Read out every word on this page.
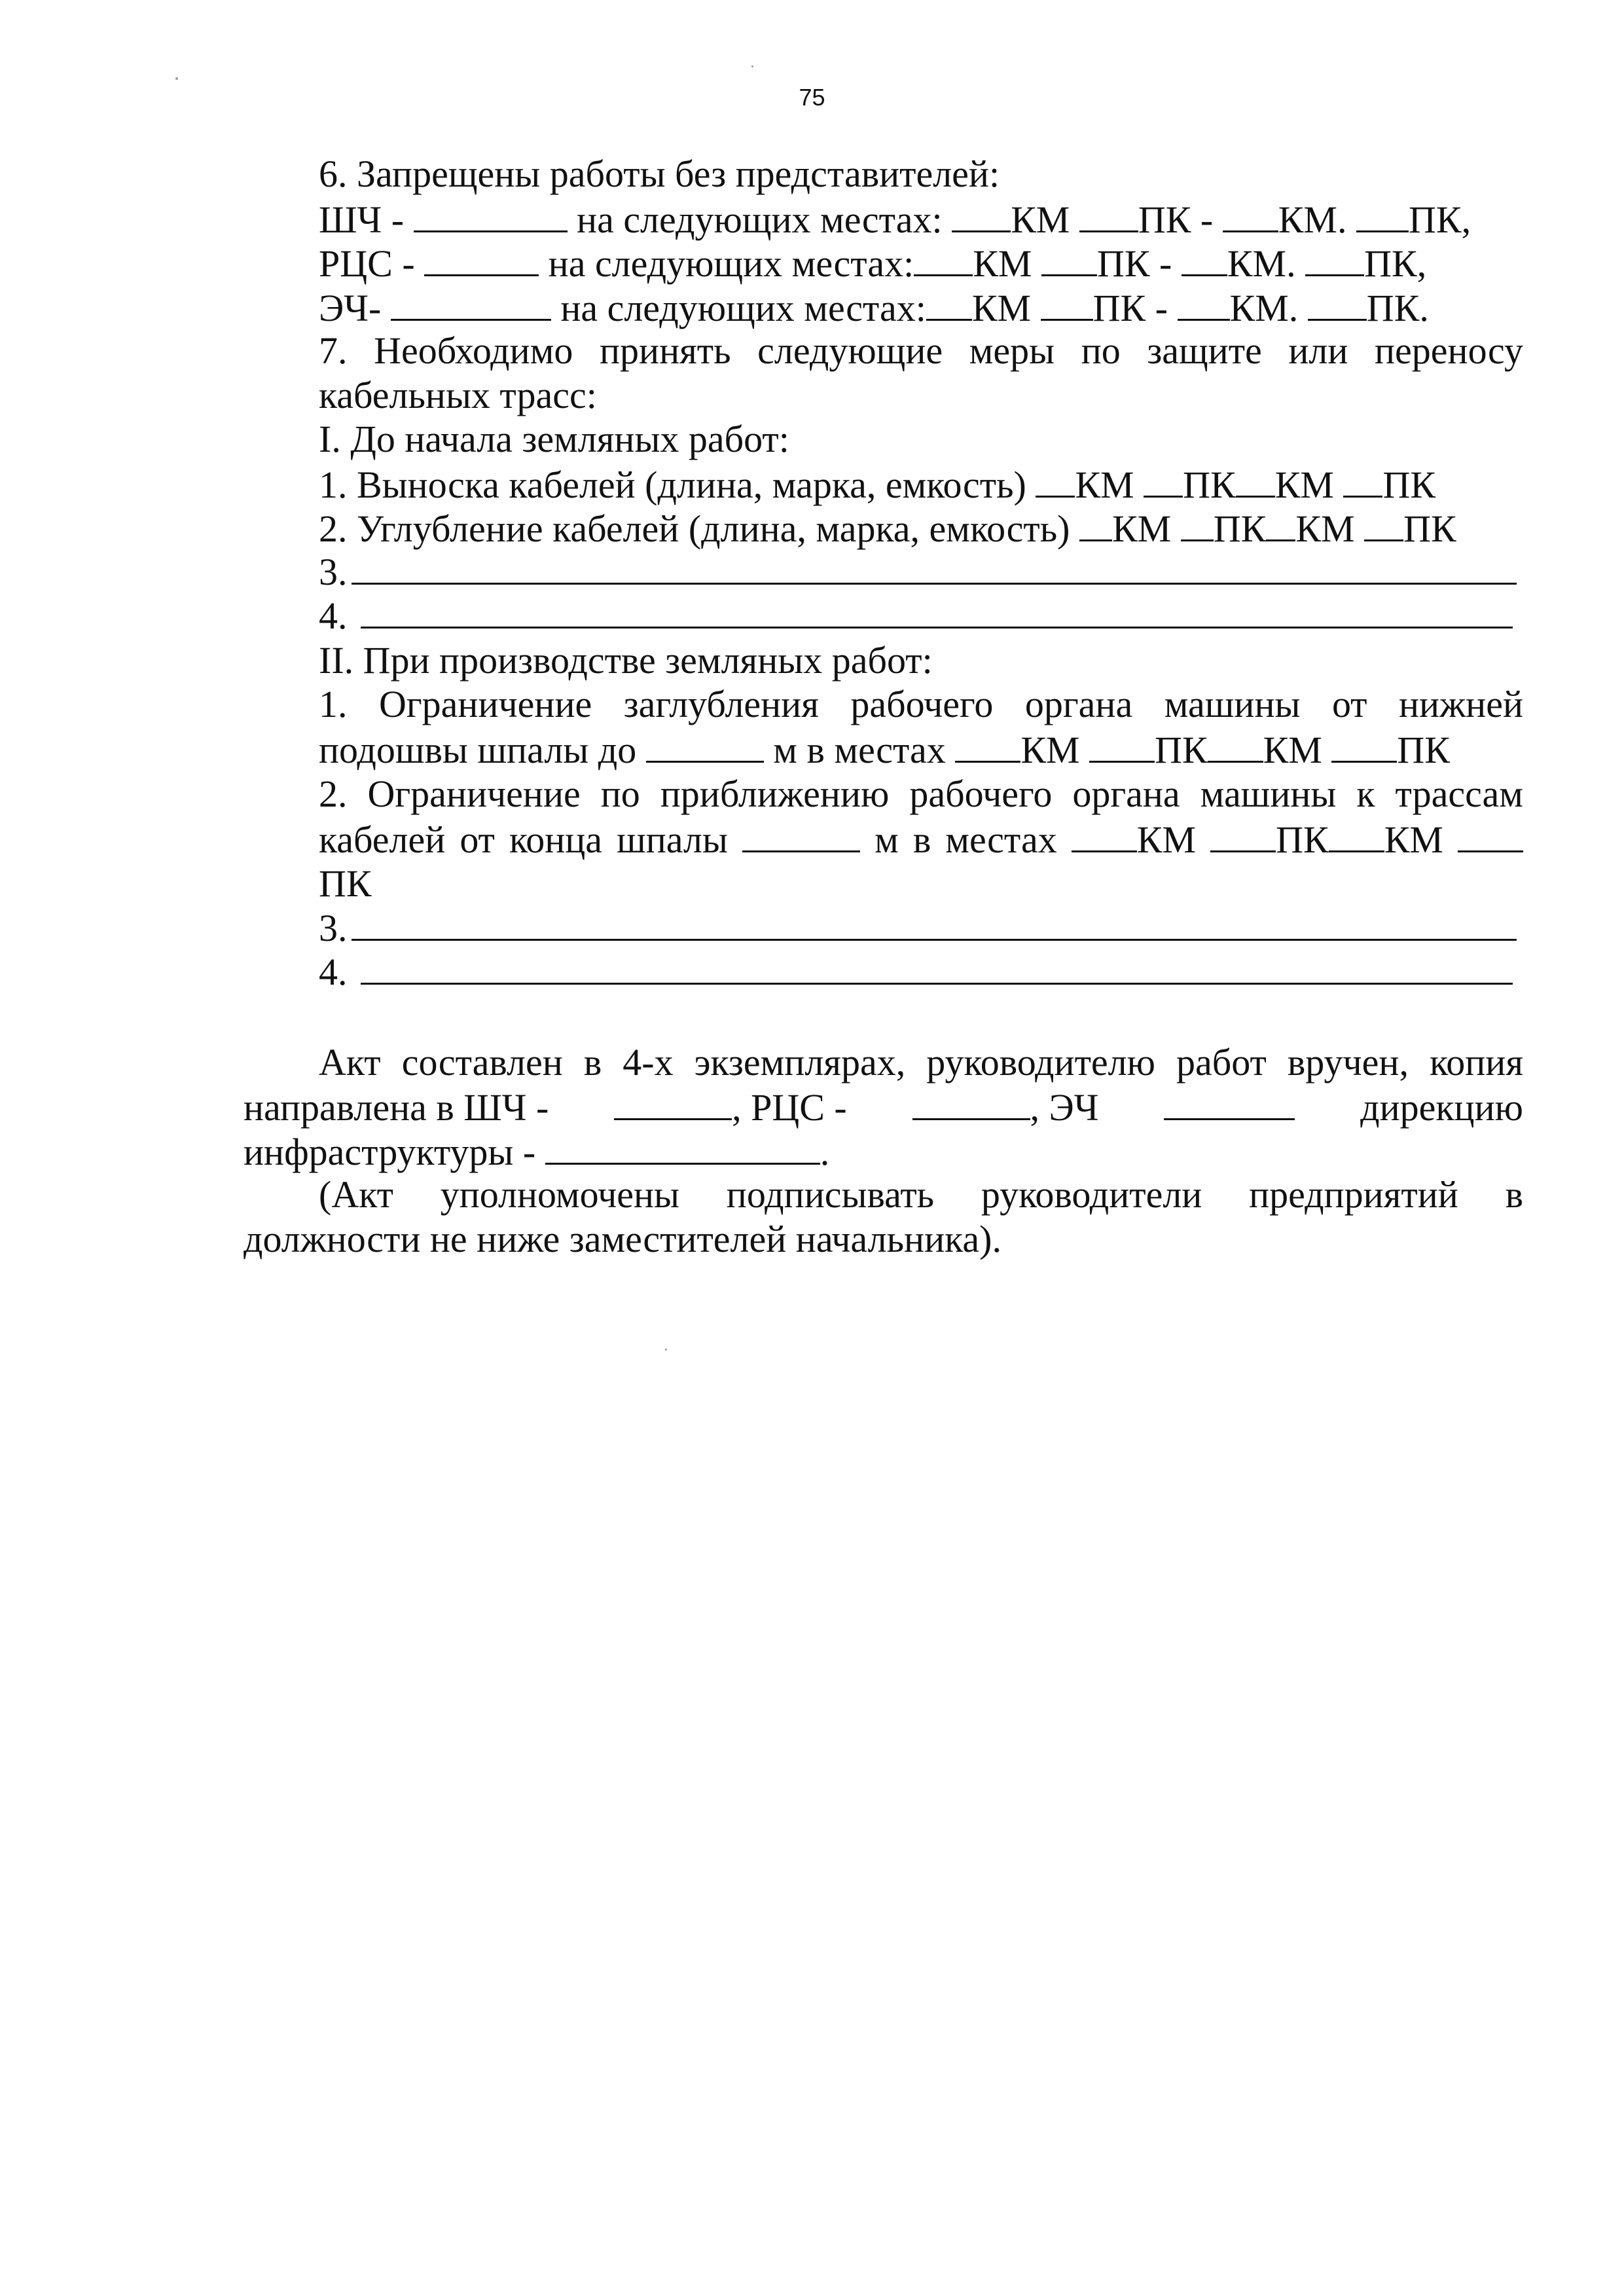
75
6. Запрещены работы без представителей:
ШЧ -	на следующих местах: КМ ПК - КМ. ПК,
РЦС -	на следующих местах: КМ ПК - КМ. ПК,
ЭЧ-	на следующих местах: КМ ПК - КМ. ПК.
7. Необходимо принять следующие меры по защите или переносу кабельных трасс:
I. До начала земляных работ:
1. Выноска кабелей (длина, марка, емкость) КМ ПК КМ ПК
2. Углубление кабелей (длина, марка, емкость) КМ ПК КМ ПК
3.
4.
II. При производстве земляных работ:
1. Ограничение заглубления рабочего органа машины от нижней подошвы шпалы до	м в местах КМ ПК КМ ПК
2. Ограничение по приближению рабочего органа машины к трассам кабелей от конца шпалы	м в местах КМ ПК КМ ПК
3.
4.
Акт составлен в 4-х экземплярах, руководителю работ вручен, копия
направлена в ШЧ -	, РЦС -	, ЭЧ	дирекцию
инфраструктуры -	.
(Акт уполномочены подписывать руководители предприятий в
должности не ниже заместителей начальника).
